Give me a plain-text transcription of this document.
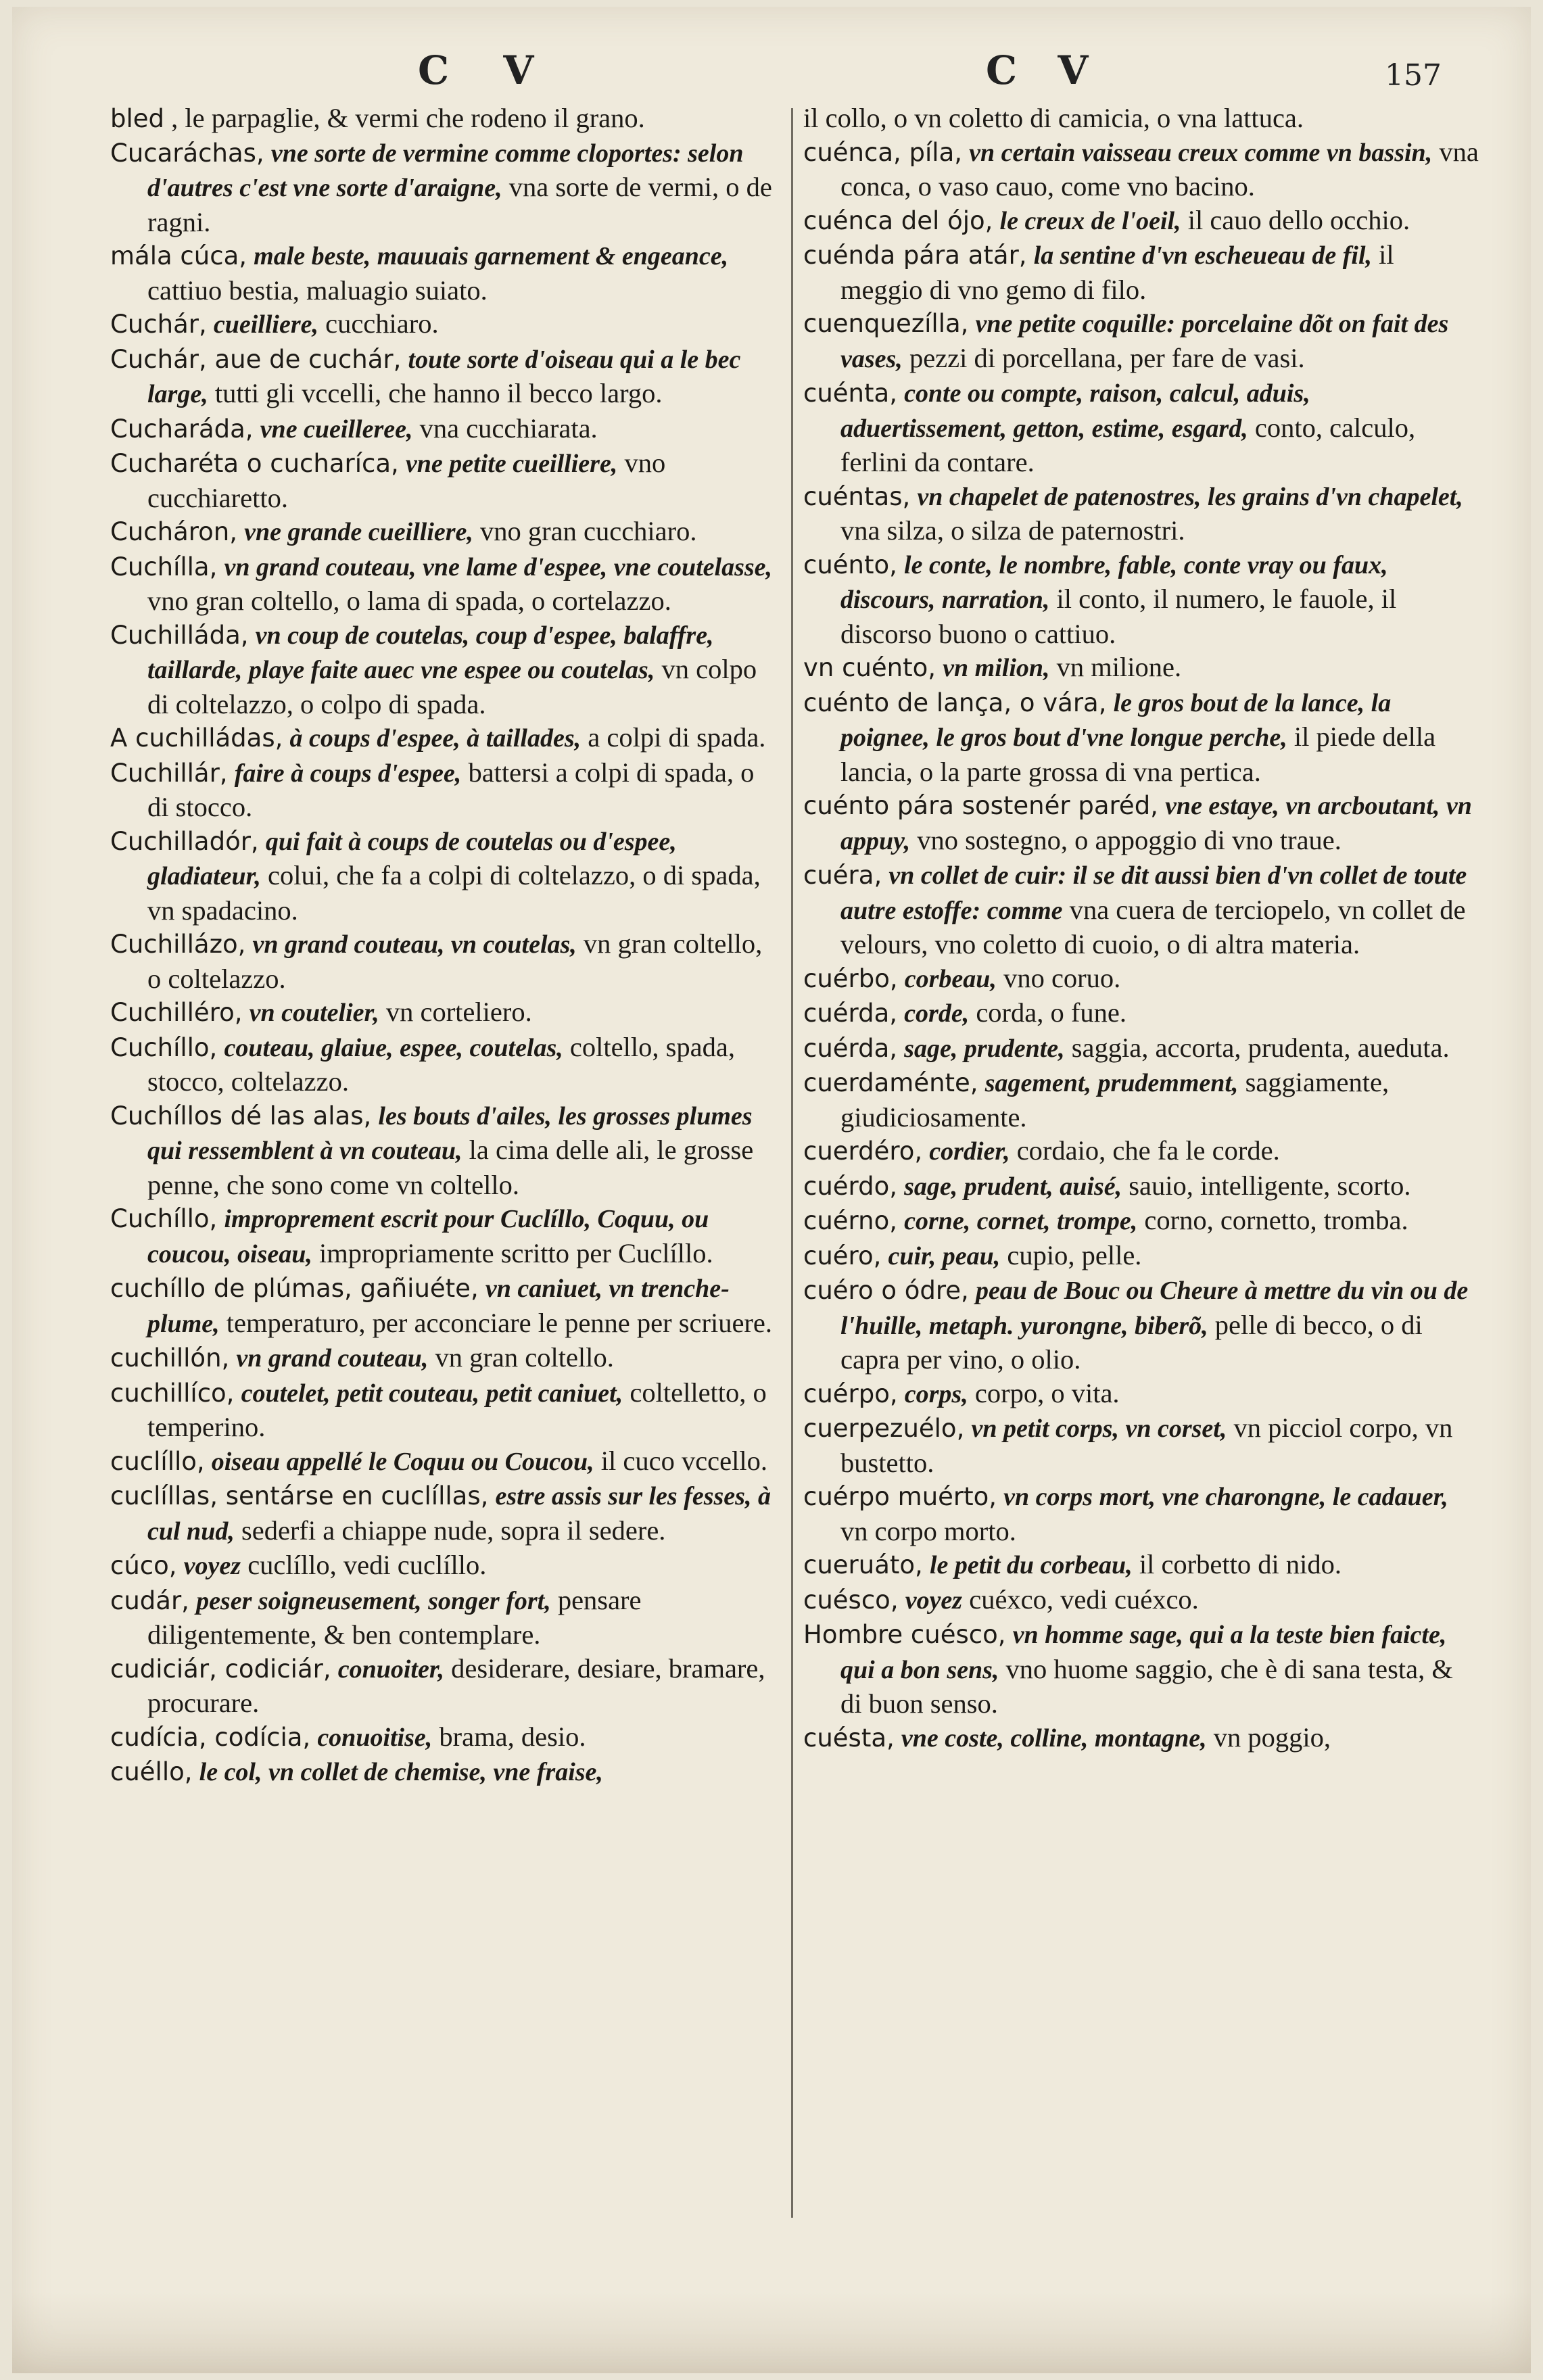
C V	C V	157

bled , le parpaglie, & vermi che rodeno il grano.

Cucaráchas, vne sorte de vermine comme cloportes: selon d'autres c'est vne sorte d'araigne, vna sorte de vermi, o de ragni.

mála cúca, male beste, mauuais garnement & engeance, cattiuo bestia, maluagio suiato.

Cuchár, cueilliere, cucchiaro.

Cuchár, aue de cuchár, toute sorte d'oiseau qui a le bec large, tutti gli vccelli, che hanno il becco largo.

Cucharáda, vne cueilleree, vna cucchiarata.

Cucharéta o cucharíca, vne petite cueilliere, vno cucchiaretto.

Cucháron, vne grande cueilliere, vno gran cucchiaro.

Cuchílla, vn grand couteau, vne lame d'espee, vne coutelasse, vno gran coltello, o lama di spada, o cortelazzo.

Cuchilláda, vn coup de coutelas, coup d'espee, balaffre, taillarde, playe faite auec vne espee ou coutelas, vn colpo di coltelazzo, o colpo di spada.

A cuchilládas, à coups d'espee, à taillades, a colpi di spada.

Cuchillár, faire à coups d'espee, battersi a colpi di spada, o di stocco.

Cuchilladór, qui fait à coups de coutelas ou d'espee, gladiateur, colui, che fa a colpi di coltelazzo, o di spada, vn spadacino.

Cuchillázo, vn grand couteau, vn coutelas, vn gran coltello, o coltelazzo.

Cuchilléro, vn coutelier, vn corteliero.

Cuchíllo, couteau, glaiue, espee, coutelas, coltello, spada, stocco, coltelazzo.

Cuchíllos dé las alas, les bouts d'ailes, les grosses plumes qui ressemblent à vn couteau, la cima delle ali, le grosse penne, che sono come vn coltello.

Cuchíllo, improprement escrit pour Cuclíllo, Coquu, ou coucou, oiseau, impropriamente scritto per Cuclíllo.

cuchíllo de plúmas, gañiuéte, vn caniuet, vn trenche-plume, temperaturo, per acconciare le penne per scriuere.

cuchillón, vn grand couteau, vn gran coltello.

cuchillíco, coutelet, petit couteau, petit caniuet, coltelletto, o temperino.

cuclíllo, oiseau appellé le Coquu ou Coucou, il cuco vccello.

cuclíllas, sentárse en cuclíllas, estre assis sur les fesses, à cul nud, sederfi a chiappe nude, sopra il sedere.

cúco, voyez cuclíllo, vedi cuclíllo.

cudár, peser soigneusement, songer fort, pensare diligentemente, & ben contemplare.

cudiciár, codiciár, conuoiter, desiderare, desiare, bramare, procurare.

cudícia, codícia, conuoitise, brama, desio.

cuéllo, le col, vn collet de chemise, vne fraise,

il collo, o vn coletto di camicia, o vna lattuca.

cuénca, píla, vn certain vaisseau creux comme vn bassin, vna conca, o vaso cauo, come vno bacino.

cuénca del ójo, le creux de l'oeil, il cauo dello occhio.

cuénda pára atár, la sentine d'vn escheueau de fil, il meggio di vno gemo di filo.

cuenquezílla, vne petite coquille: porcelaine dõt on fait des vases, pezzi di porcellana, per fare de vasi.

cuénta, conte ou compte, raison, calcul, aduis, aduertissement, getton, estime, esgard, conto, calculo, ferlini da contare.

cuéntas, vn chapelet de patenostres, les grains d'vn chapelet, vna silza, o silza de paternostri.

cuénto, le conte, le nombre, fable, conte vray ou faux, discours, narration, il conto, il numero, le fauole, il discorso buono o cattiuo.

vn cuénto, vn milion, vn milione.

cuénto de lança, o vára, le gros bout de la lance, la poignee, le gros bout d'vne longue perche, il piede della lancia, o la parte grossa di vna pertica.

cuénto pára sostenér paréd, vne estaye, vn arcboutant, vn appuy, vno sostegno, o appoggio di vno traue.

cuéra, vn collet de cuir: il se dit aussi bien d'vn collet de toute autre estoffe: comme vna cuera de terciopelo, vn collet de velours, vno coletto di cuoio, o di altra materia.

cuérbo, corbeau, vno coruo.

cuérda, corde, corda, o fune.

cuérda, sage, prudente, saggia, accorta, prudenta, aueduta.

cuerdaménte, sagement, prudemment, saggiamente, giudiciosamente.

cuerdéro, cordier, cordaio, che fa le corde.

cuérdo, sage, prudent, auisé, sauio, intelligente, scorto.

cuérno, corne, cornet, trompe, corno, cornetto, tromba.

cuéro, cuir, peau, cupio, pelle.

cuéro o ódre, peau de Bouc ou Cheure à mettre du vin ou de l'huille, metaph. yurongne, biberõ, pelle di becco, o di capra per vino, o olio.

cuérpo, corps, corpo, o vita.

cuerpezuélo, vn petit corps, vn corset, vn picciol corpo, vn bustetto.

cuérpo muérto, vn corps mort, vne charongne, le cadauer, vn corpo morto.

cueruáto, le petit du corbeau, il corbetto di nido.

cuésco, voyez cuéxco, vedi cuéxco.

Hombre cuésco, vn homme sage, qui a la teste bien faicte, qui a bon sens, vno huome saggio, che è di sana testa, & di buon senso.

cuésta, vne coste, colline, montagne, vn poggio,
